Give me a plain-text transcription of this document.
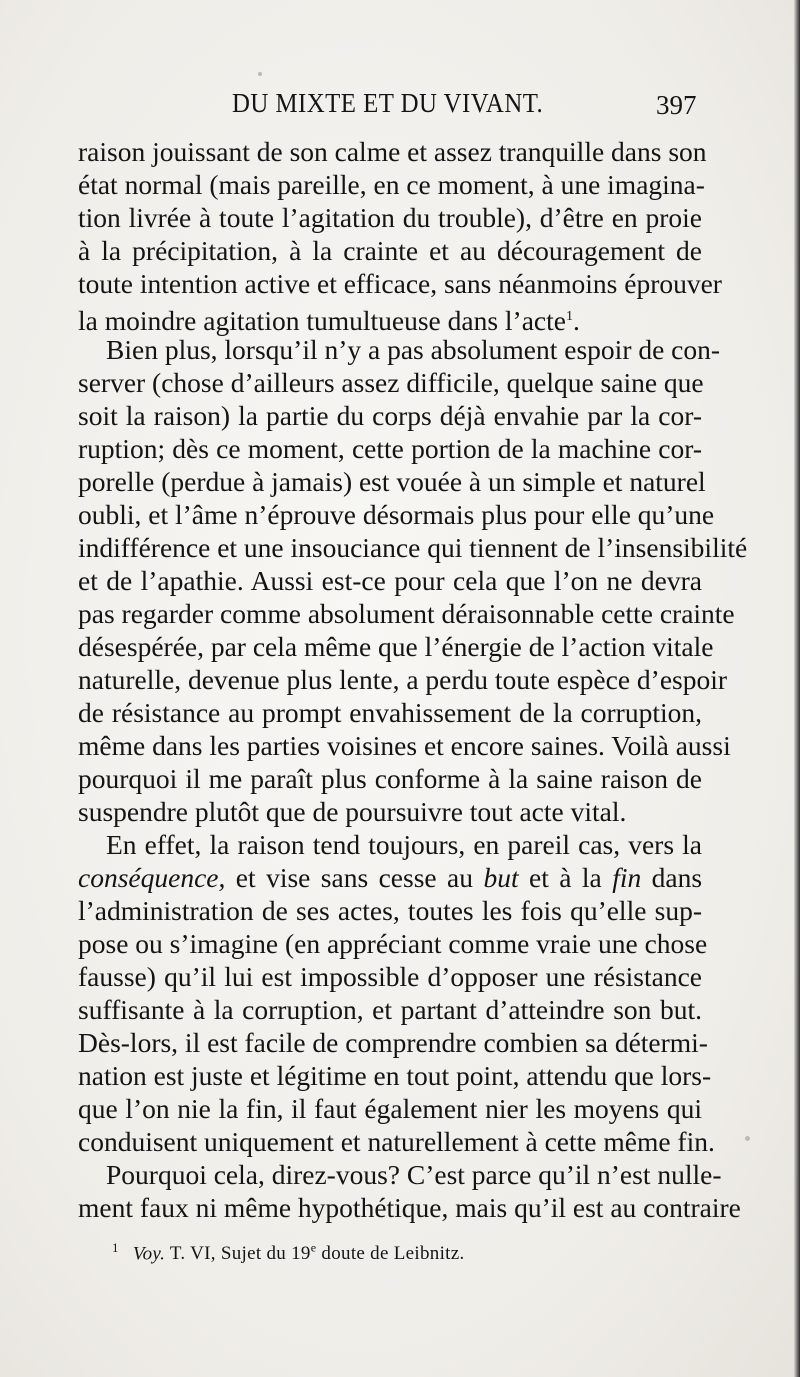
DU MIXTE ET DU VIVANT.	397
raison jouissant de son calme et assez tranquille dans son
état normal (mais pareille, en ce moment, à une imagina-
tion livrée à toute l’agitation du trouble), d’être en proie
à la précipitation, à la crainte et au découragement de
toute intention active et efficace, sans néanmoins éprouver
la moindre agitation tumultueuse dans l’acte$^1$.
Bien plus, lorsqu’il n’y a pas absolument espoir de con-
server (chose d’ailleurs assez difficile, quelque saine que
soit la raison) la partie du corps déjà envahie par la cor-
ruption; dès ce moment, cette portion de la machine cor-
porelle (perdue à jamais) est vouée à un simple et naturel
oubli, et l’âme n’éprouve désormais plus pour elle qu’une
indifférence et une insouciance qui tiennent de l’insensibilité
et de l’apathie. Aussi est-ce pour cela que l’on ne devra
pas regarder comme absolument déraisonnable cette crainte
désespérée, par cela même que l’énergie de l’action vitale
naturelle, devenue plus lente, a perdu toute espèce d’espoir
de résistance au prompt envahissement de la corruption,
même dans les parties voisines et encore saines. Voilà aussi
pourquoi il me paraît plus conforme à la saine raison de
suspendre plutôt que de poursuivre tout acte vital.
En effet, la raison tend toujours, en pareil cas, vers la
conséquence, et vise sans cesse au but et à la fin dans
l’administration de ses actes, toutes les fois qu’elle sup-
pose ou s’imagine (en appréciant comme vraie une chose
fausse) qu’il lui est impossible d’opposer une résistance
suffisante à la corruption, et partant d’atteindre son but.
Dès-lors, il est facile de comprendre combien sa détermi-
nation est juste et légitime en tout point, attendu que lors-
que l’on nie la fin, il faut également nier les moyens qui
conduisent uniquement et naturellement à cette même fin.
Pourquoi cela, direz-vous? C’est parce qu’il n’est nulle-
ment faux ni même hypothétique, mais qu’il est au contraire
$^1$ Voy. T. VI, Sujet du 19e doute de Leibnitz.
